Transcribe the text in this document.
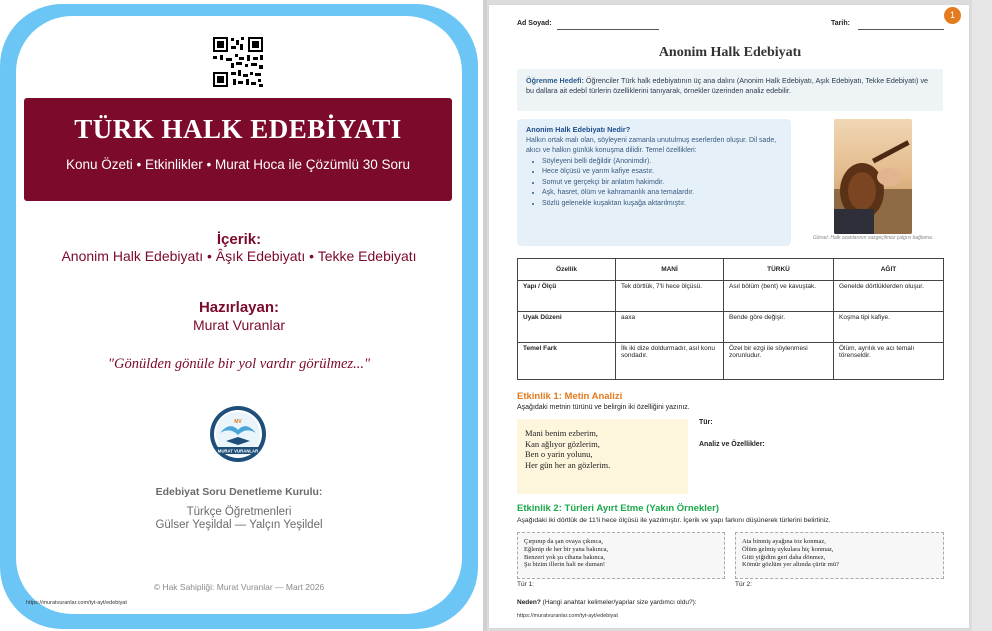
TÜRK HALK EDEBİYATI
Konu Özeti • Etkinlikler • Murat Hoca ile Çözümlü 30 Soru
İçerik:
Anonim Halk Edebiyatı • Âşık Edebiyatı • Tekke Edebiyatı
Hazırlayan:
Murat Vuranlar
"Gönülden gönüle bir yol vardır görülmez..."
MV
MURAT VURANLAR
Edebiyat Soru Denetleme Kurulu:
Türkçe Öğretmenleri
Gülser Yeşildal — Yalçın Yeşildel
© Hak Sahipliği: Murat Vuranlar — Mart 2026
https://muratvuranlar.com/tyt-ayt/edebiyat
Ad Soyad:	Tarih:
Anonim Halk Edebiyatı
Öğrenme Hedefi: Öğrenciler Türk halk edebiyatının üç ana dalını (Anonim Halk Edebiyatı, Aşık Edebiyatı, Tekke Edebiyatı) ve bu dallara ait edebî türlerin özelliklerini tanıyarak, örnekler üzerinden analiz edebilir.
Anonim Halk Edebiyatı Nedir?
Halkın ortak malı olan, söyleyeni zamanla unutulmuş eserlerden oluşur. Dil sade, akıcı ve halkın günlük konuşma dilidir. Temel özellikleri:
• Söyleyeni belli değildir (Anonimdir).
• Hece ölçüsü ve yarım kafiye esastır.
• Somut ve gerçekçi bir anlatım hakimdir.
• Aşk, hasret, ölüm ve kahramanlık ana temalardır.
• Sözlü gelenekle kuşaktan kuşağa aktarılmıştır.
Görsel: Halk ozanlarının vazgeçilmez çalgısı bağlama.
Özellik	MANİ	TÜRKÜ	AĞIT
Yapı / Ölçü	Tek dörtlük, 7'li hece ölçüsü.	Asıl bölüm (bent) ve kavuştak.	Genelde dörtlüklerden oluşur.
Uyak Düzeni	aaxa	Bende göre değişir.	Koşma tipi kafiye.
Temel Fark	İlk iki dize doldurmadır, asıl konu sondadır.	Özel bir ezgi ile söylenmesi zorunludur.	Ölüm, ayrılık ve acı temalı törenseldir.
Etkinlik 1: Metin Analizi
Aşağıdaki metnin türünü ve belirgin iki özelliğini yazınız.
Mani benim ezberim,
Kan ağlıyor gözlerim,
Ben o yarin yolunu,
Her gün her an gözlerim.
Tür:
Analiz ve Özellikler:
Etkinlik 2: Türleri Ayırt Etme (Yakın Örnekler)
Aşağıdaki iki dörtlük de 11'li hece ölçüsü ile yazılmıştır. İçerik ve yapı farkını düşünerek türlerini belirtiniz.
Çırpınıp da şan ovaya çıkınca,
Eğlenip de her bir yana bakınca,
Benzeri yok şu cihana bakınca,
Şu bizim illerin hali ne duman!
Ata binmiş ayağına toz konmaz,
Ölüm gelmiş uykulara hiç konmaz,
Gitti yiğidim geri daha dönmez,
Kömür gözlüm yer altında çürür mü?
Tür 1:	Tür 2:
Neden? (Hangi anahtar kelimeler/yapılar size yardımcı oldu?):
https://muratvuranlar.com/tyt-ayt/edebiyat
1
